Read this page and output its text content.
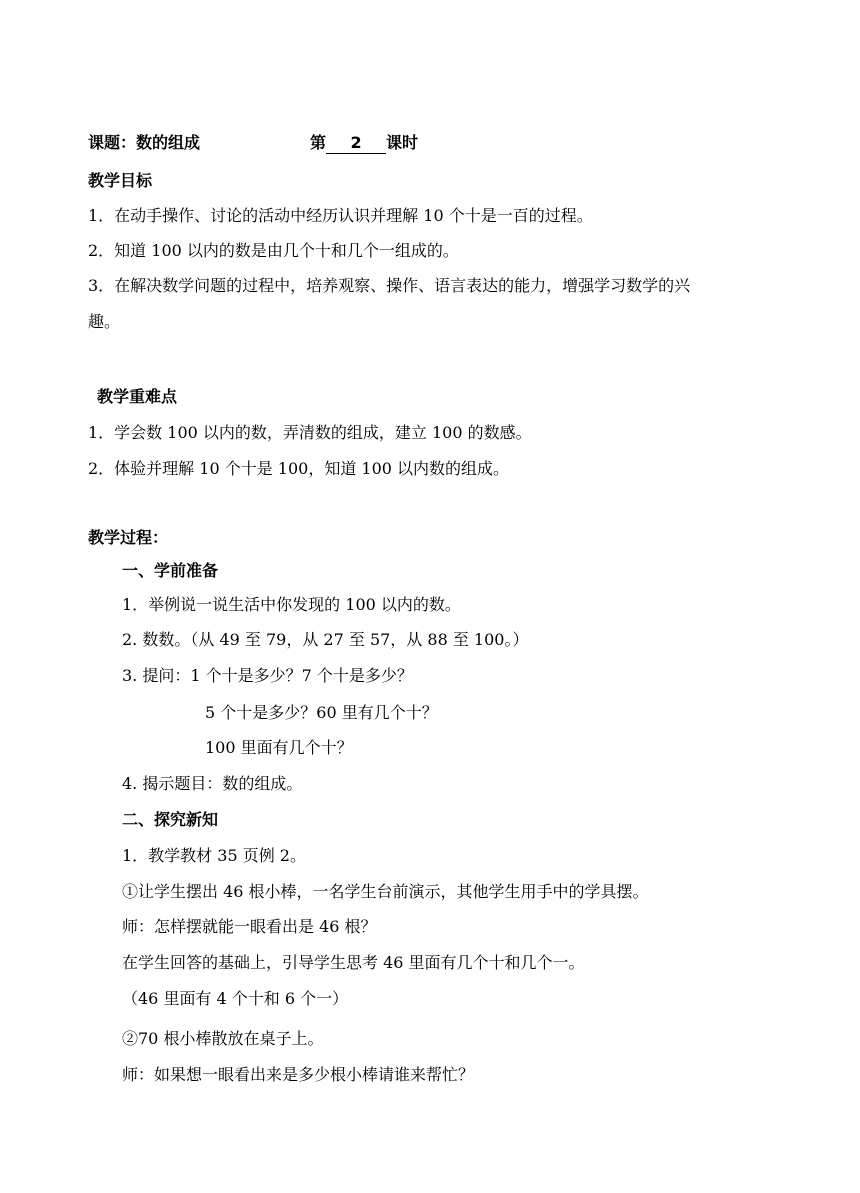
课题：数的组成	第 2 课时
教学目标
1．在动手操作、讨论的活动中经历认识并理解 10 个十是一百的过程。
2．知道 100 以内的数是由几个十和几个一组成的。
3．在解决数学问题的过程中，培养观察、操作、语言表达的能力，增强学习数学的兴
趣。
教学重难点
1．学会数 100 以内的数，弄清数的组成，建立 100 的数感。
2．体验并理解 10 个十是 100，知道 100 以内数的组成。
教学过程：
一、学前准备
1．举例说一说生活中你发现的 100 以内的数。
2. 数数。（从 49 至 79，从 27 至 57，从 88 至 100。）
3. 提问：1 个十是多少？7 个十是多少？
5 个十是多少？60 里有几个十？
100 里面有几个十？
4. 揭示题目：数的组成。
二、探究新知
1．教学教材 35 页例 2。
①让学生摆出 46 根小棒，一名学生台前演示，其他学生用手中的学具摆。
师：怎样摆就能一眼看出是 46 根？
在学生回答的基础上，引导学生思考 46 里面有几个十和几个一。
（46 里面有 4 个十和 6 个一）
②70 根小棒散放在桌子上。
师：如果想一眼看出来是多少根小棒请谁来帮忙？
